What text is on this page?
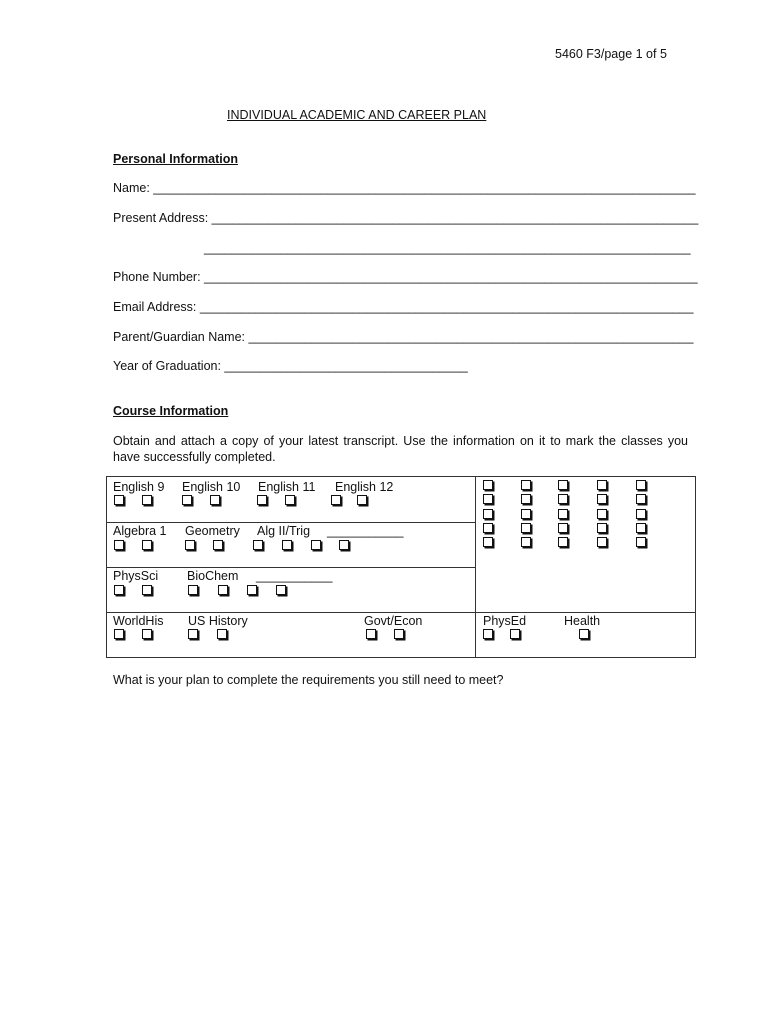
5460 F3/page 1 of 5
INDIVIDUAL ACADEMIC AND CAREER PLAN
Personal Information
Name: ______________________________________________________________________________
Present Address: ______________________________________________________________________
______________________________________________________________________
Phone Number: _______________________________________________________________________
Email Address: _______________________________________________________________________
Parent/Guardian Name: ________________________________________________________________
Year of Graduation: ___________________________________
Course Information
Obtain and attach a copy of your latest transcript. Use the information on it to mark the classes you have successfully completed.
English 9 English 10 English 11 English 12
Algebra 1 Geometry Alg II/Trig ___________
PhysSci BioChem ___________
WorldHis US History	Govt/Econ	PhysEd	Health
What is your plan to complete the requirements you still need to meet?
